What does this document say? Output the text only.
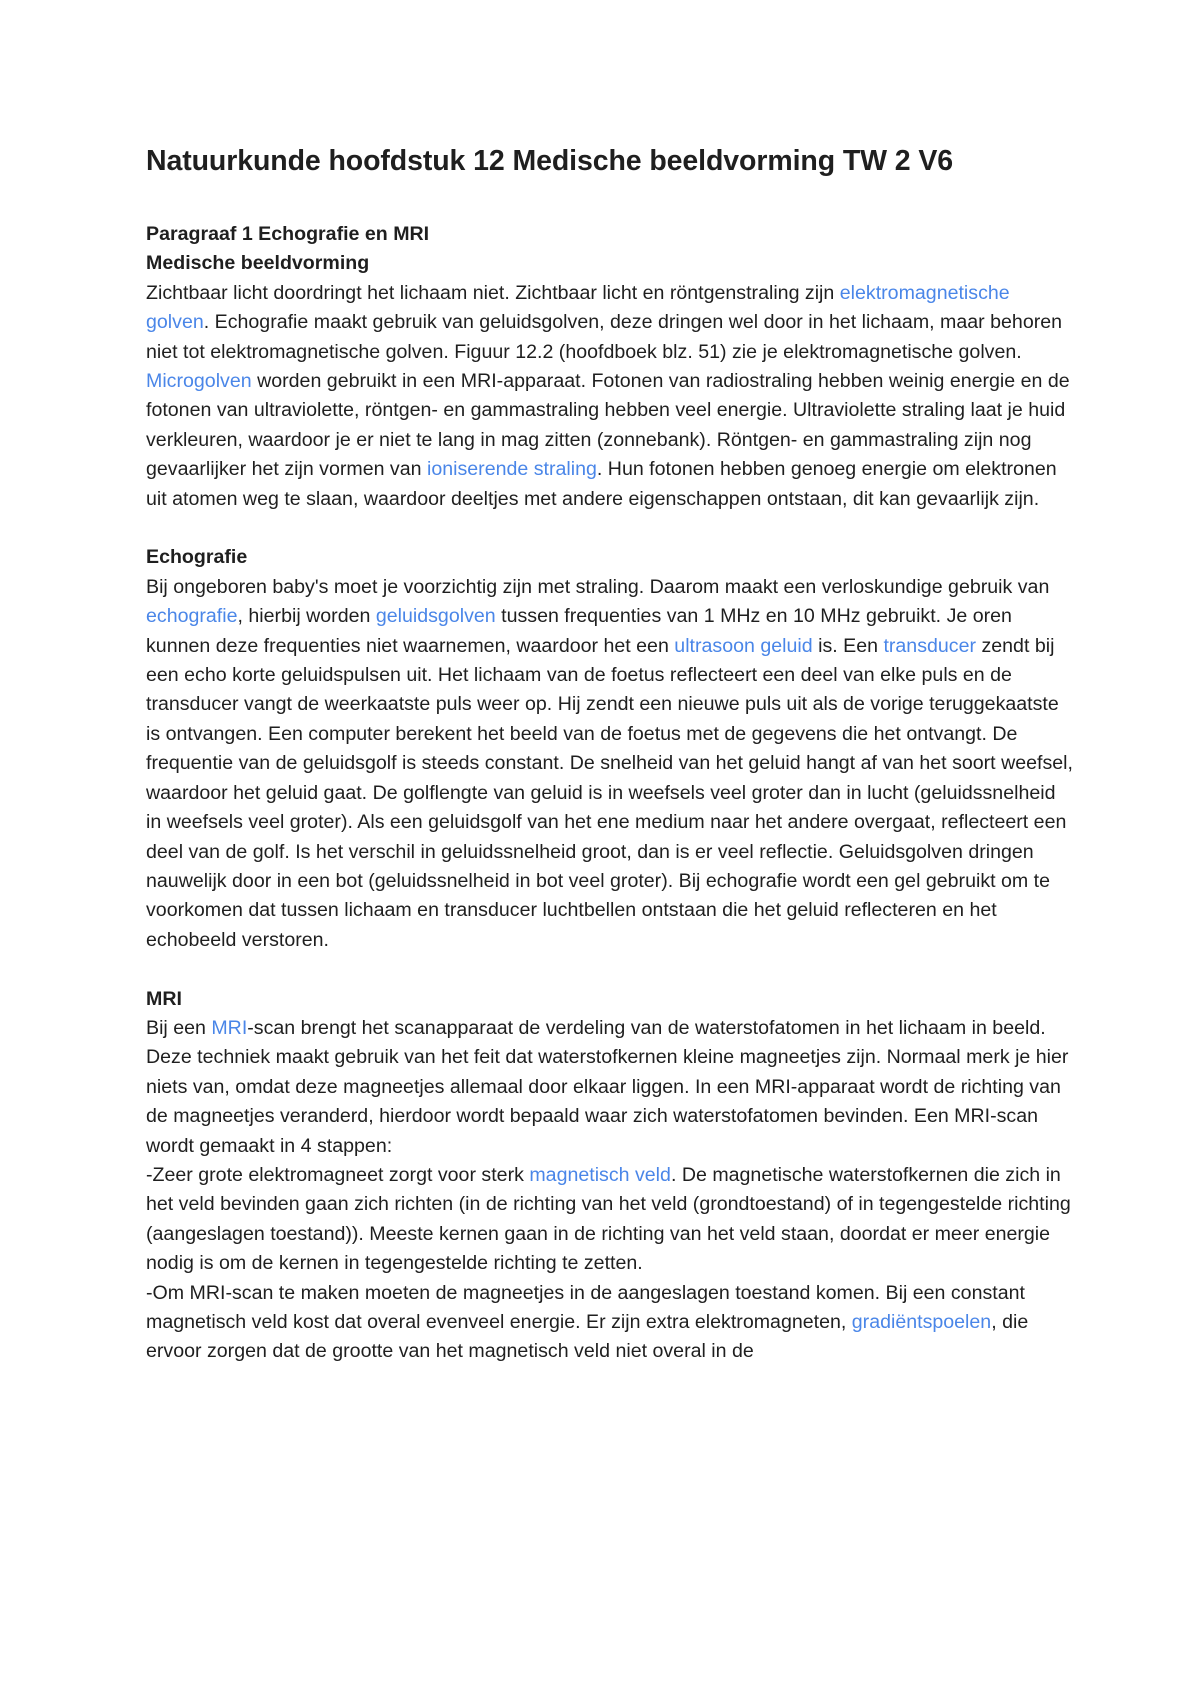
Natuurkunde hoofdstuk 12 Medische beeldvorming TW 2 V6

Paragraaf 1 Echografie en MRI

Medische beeldvorming

Zichtbaar licht doordringt het lichaam niet. Zichtbaar licht en röntgenstraling zijn elektromagnetische golven. Echografie maakt gebruik van geluidsgolven, deze dringen wel door in het lichaam, maar behoren niet tot elektromagnetische golven. Figuur 12.2 (hoofdboek blz. 51) zie je elektromagnetische golven. Microgolven worden gebruikt in een MRI-apparaat. Fotonen van radiostraling hebben weinig energie en de fotonen van ultraviolette, röntgen- en gammastraling hebben veel energie. Ultraviolette straling laat je huid verkleuren, waardoor je er niet te lang in mag zitten (zonnebank). Röntgen- en gammastraling zijn nog gevaarlijker het zijn vormen van ioniserende straling. Hun fotonen hebben genoeg energie om elektronen uit atomen weg te slaan, waardoor deeltjes met andere eigenschappen ontstaan, dit kan gevaarlijk zijn.

Echografie

Bij ongeboren baby's moet je voorzichtig zijn met straling. Daarom maakt een verloskundige gebruik van echografie, hierbij worden geluidsgolven tussen frequenties van 1 MHz en 10 MHz gebruikt. Je oren kunnen deze frequenties niet waarnemen, waardoor het een ultrasoon geluid is. Een transducer zendt bij een echo korte geluidspulsen uit. Het lichaam van de foetus reflecteert een deel van elke puls en de transducer vangt de weerkaatste puls weer op. Hij zendt een nieuwe puls uit als de vorige teruggekaatste is ontvangen. Een computer berekent het beeld van de foetus met de gegevens die het ontvangt. De frequentie van de geluidsgolf is steeds constant. De snelheid van het geluid hangt af van het soort weefsel, waardoor het geluid gaat. De golflengte van geluid is in weefsels veel groter dan in lucht (geluidssnelheid in weefsels veel groter). Als een geluidsgolf van het ene medium naar het andere overgaat, reflecteert een deel van de golf. Is het verschil in geluidssnelheid groot, dan is er veel reflectie. Geluidsgolven dringen nauwelijk door in een bot (geluidssnelheid in bot veel groter). Bij echografie wordt een gel gebruikt om te voorkomen dat tussen lichaam en transducer luchtbellen ontstaan die het geluid reflecteren en het echobeeld verstoren.

MRI

Bij een MRI-scan brengt het scanapparaat de verdeling van de waterstofatomen in het lichaam in beeld. Deze techniek maakt gebruik van het feit dat waterstofkernen kleine magneetjes zijn. Normaal merk je hier niets van, omdat deze magneetjes allemaal door elkaar liggen. In een MRI-apparaat wordt de richting van de magneetjes veranderd, hierdoor wordt bepaald waar zich waterstofatomen bevinden. Een MRI-scan wordt gemaakt in 4 stappen:

-Zeer grote elektromagneet zorgt voor sterk magnetisch veld. De magnetische waterstofkernen die zich in het veld bevinden gaan zich richten (in de richting van het veld (grondtoestand) of in tegengestelde richting (aangeslagen toestand)). Meeste kernen gaan in de richting van het veld staan, doordat er meer energie nodig is om de kernen in tegengestelde richting te zetten.

-Om MRI-scan te maken moeten de magneetjes in de aangeslagen toestand komen. Bij een constant magnetisch veld kost dat overal evenveel energie. Er zijn extra elektromagneten, gradiëntspoelen, die ervoor zorgen dat de grootte van het magnetisch veld niet overal in de
